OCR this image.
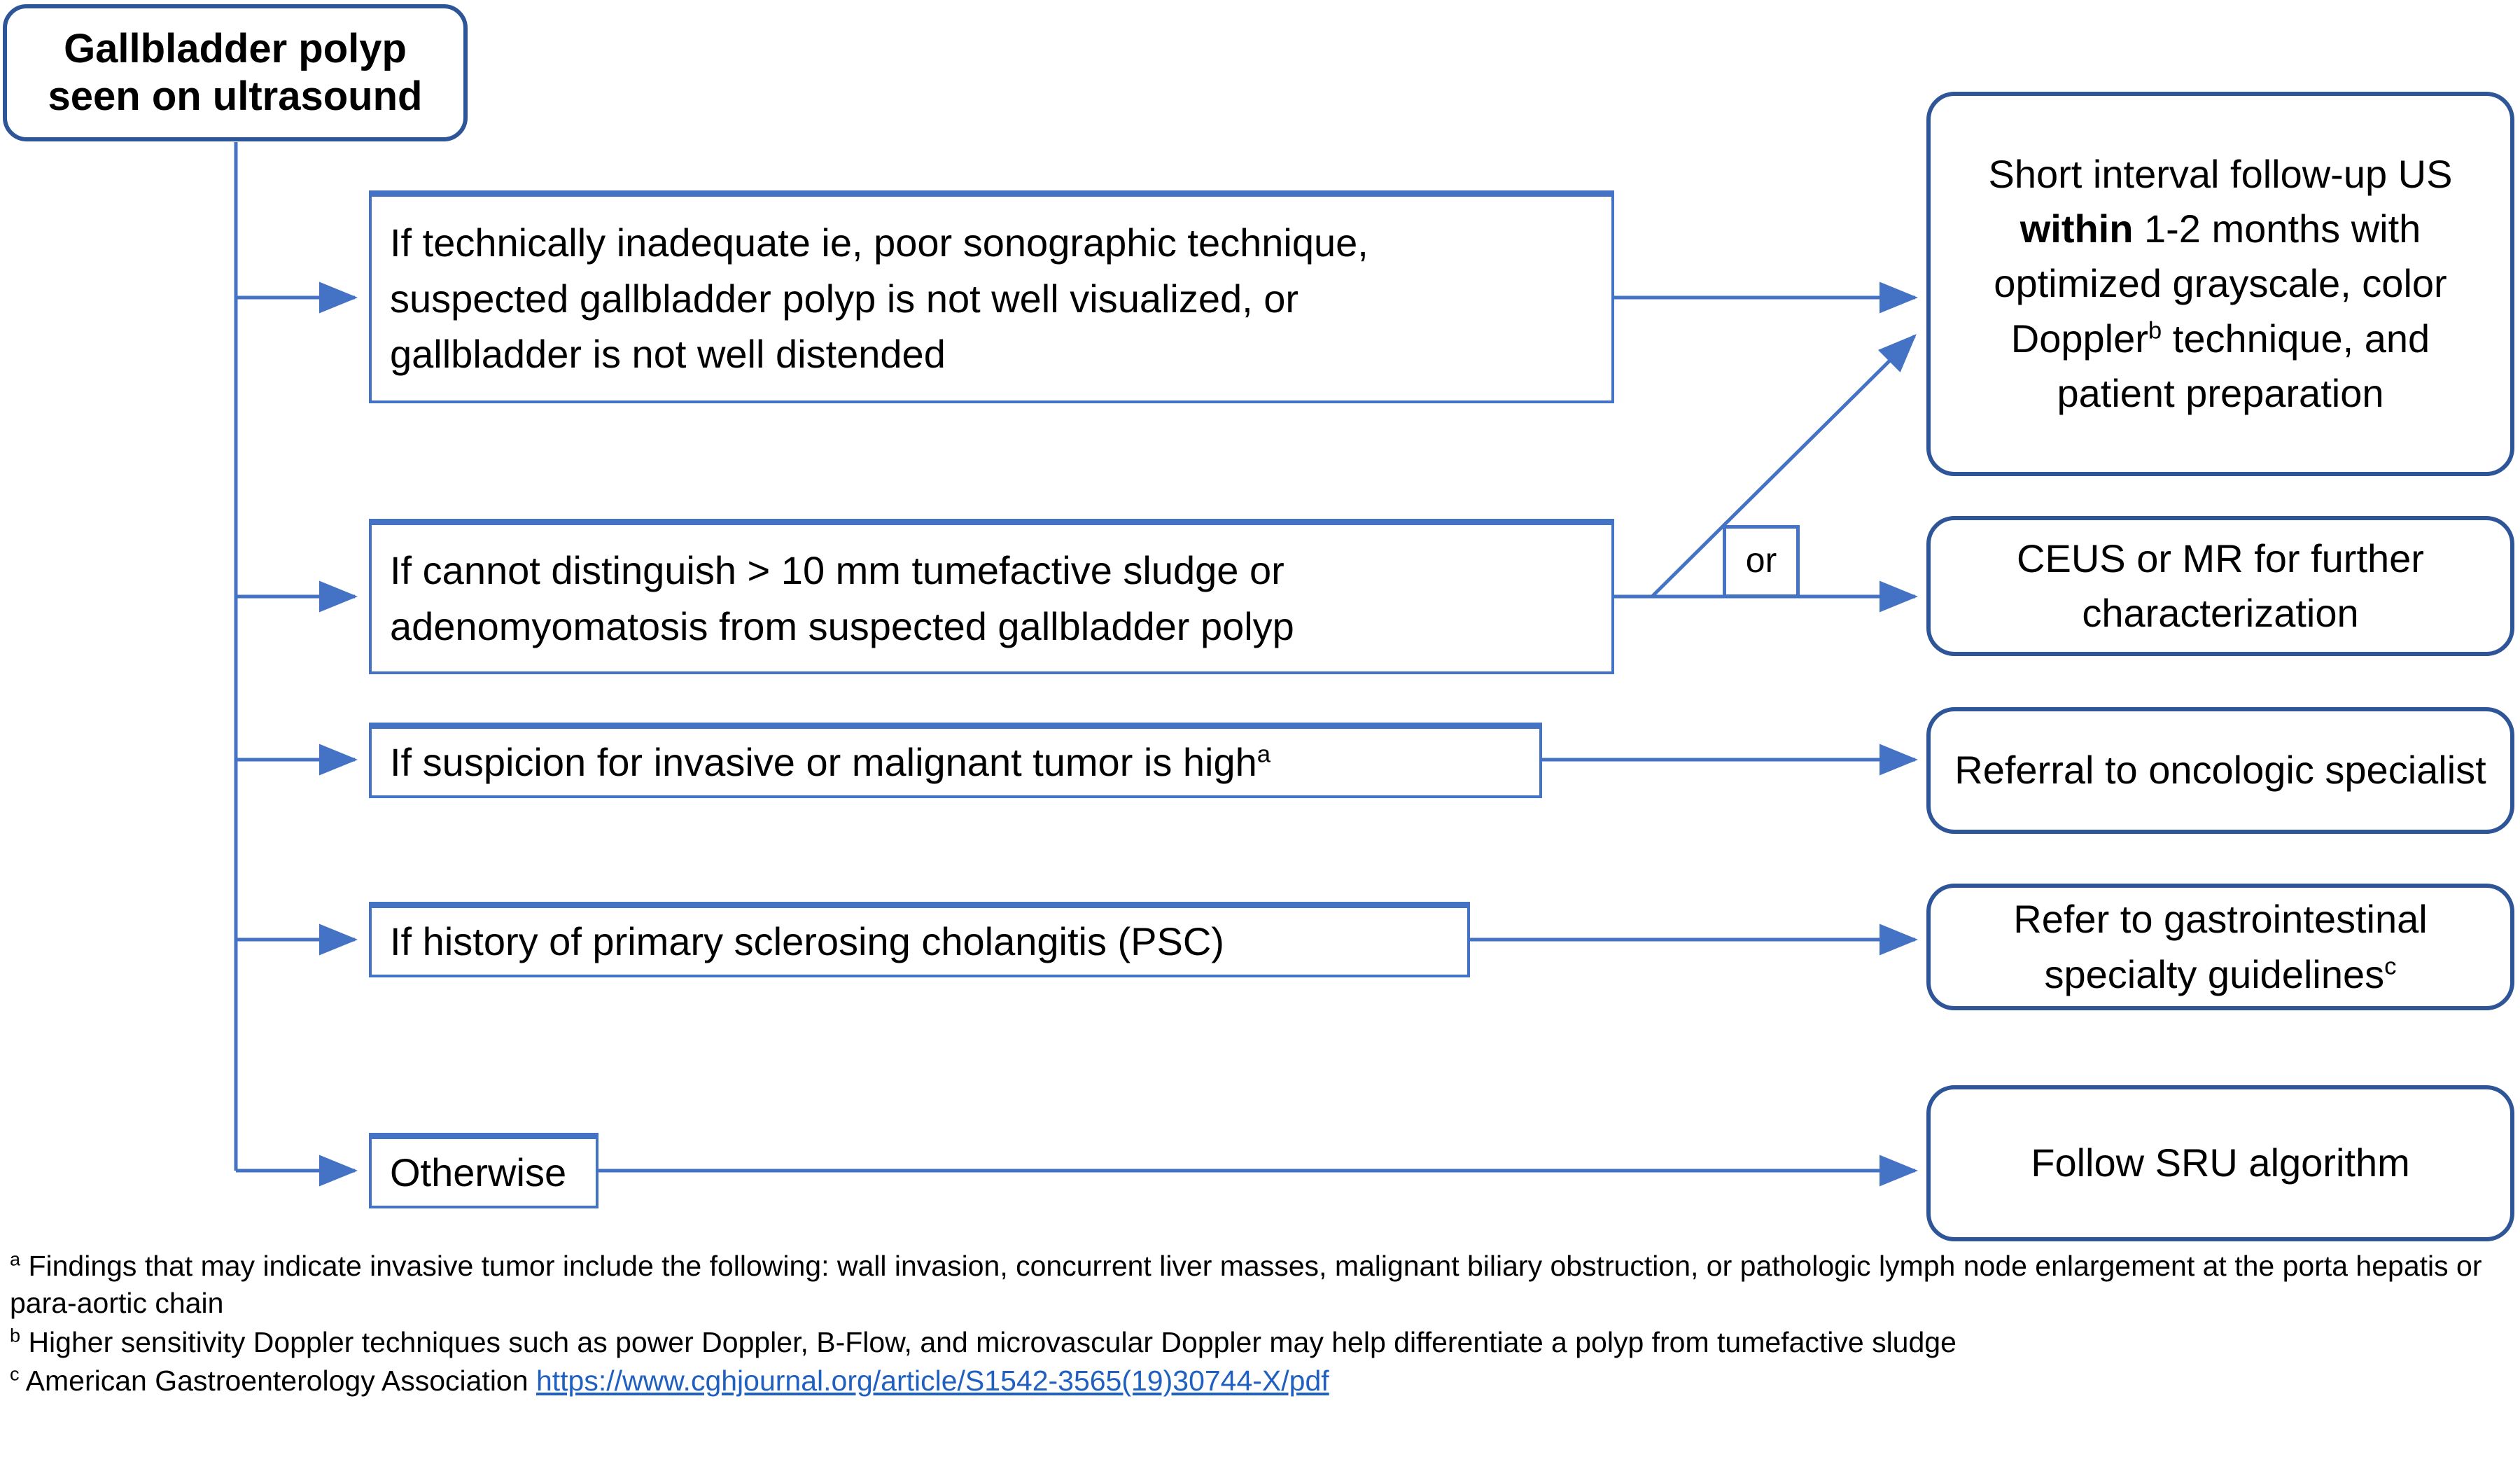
Gallbladder polyp
seen on ultrasound
If technically inadequate ie, poor sonographic technique,
suspected gallbladder polyp is not well visualized, or
gallbladder is not well distended
If cannot distinguish > 10 mm tumefactive sludge or
adenomyomatosis from suspected gallbladder polyp
If suspicion for invasive or malignant tumor is high$^a$
If history of primary sclerosing cholangitis (PSC)
Otherwise
or
Short interval follow-up US within 1-2 months with optimized grayscale, color Doppler$^b$ technique, and patient preparation
CEUS or MR for further characterization
Referral to oncologic specialist
Refer to gastrointestinal specialty guidelines$^c$
Follow SRU algorithm

$^a$ Findings that may indicate invasive tumor include the following: wall invasion, concurrent liver masses, malignant biliary obstruction, or pathologic lymph node enlargement at the porta hepatis or para-aortic chain

$^b$ Higher sensitivity Doppler techniques such as power Doppler, B-Flow, and microvascular Doppler may help differentiate a polyp from tumefactive sludge

$^c$ American Gastroenterology Association https://www.cghjournal.org/article/S1542-3565(19)30744-X/pdf
